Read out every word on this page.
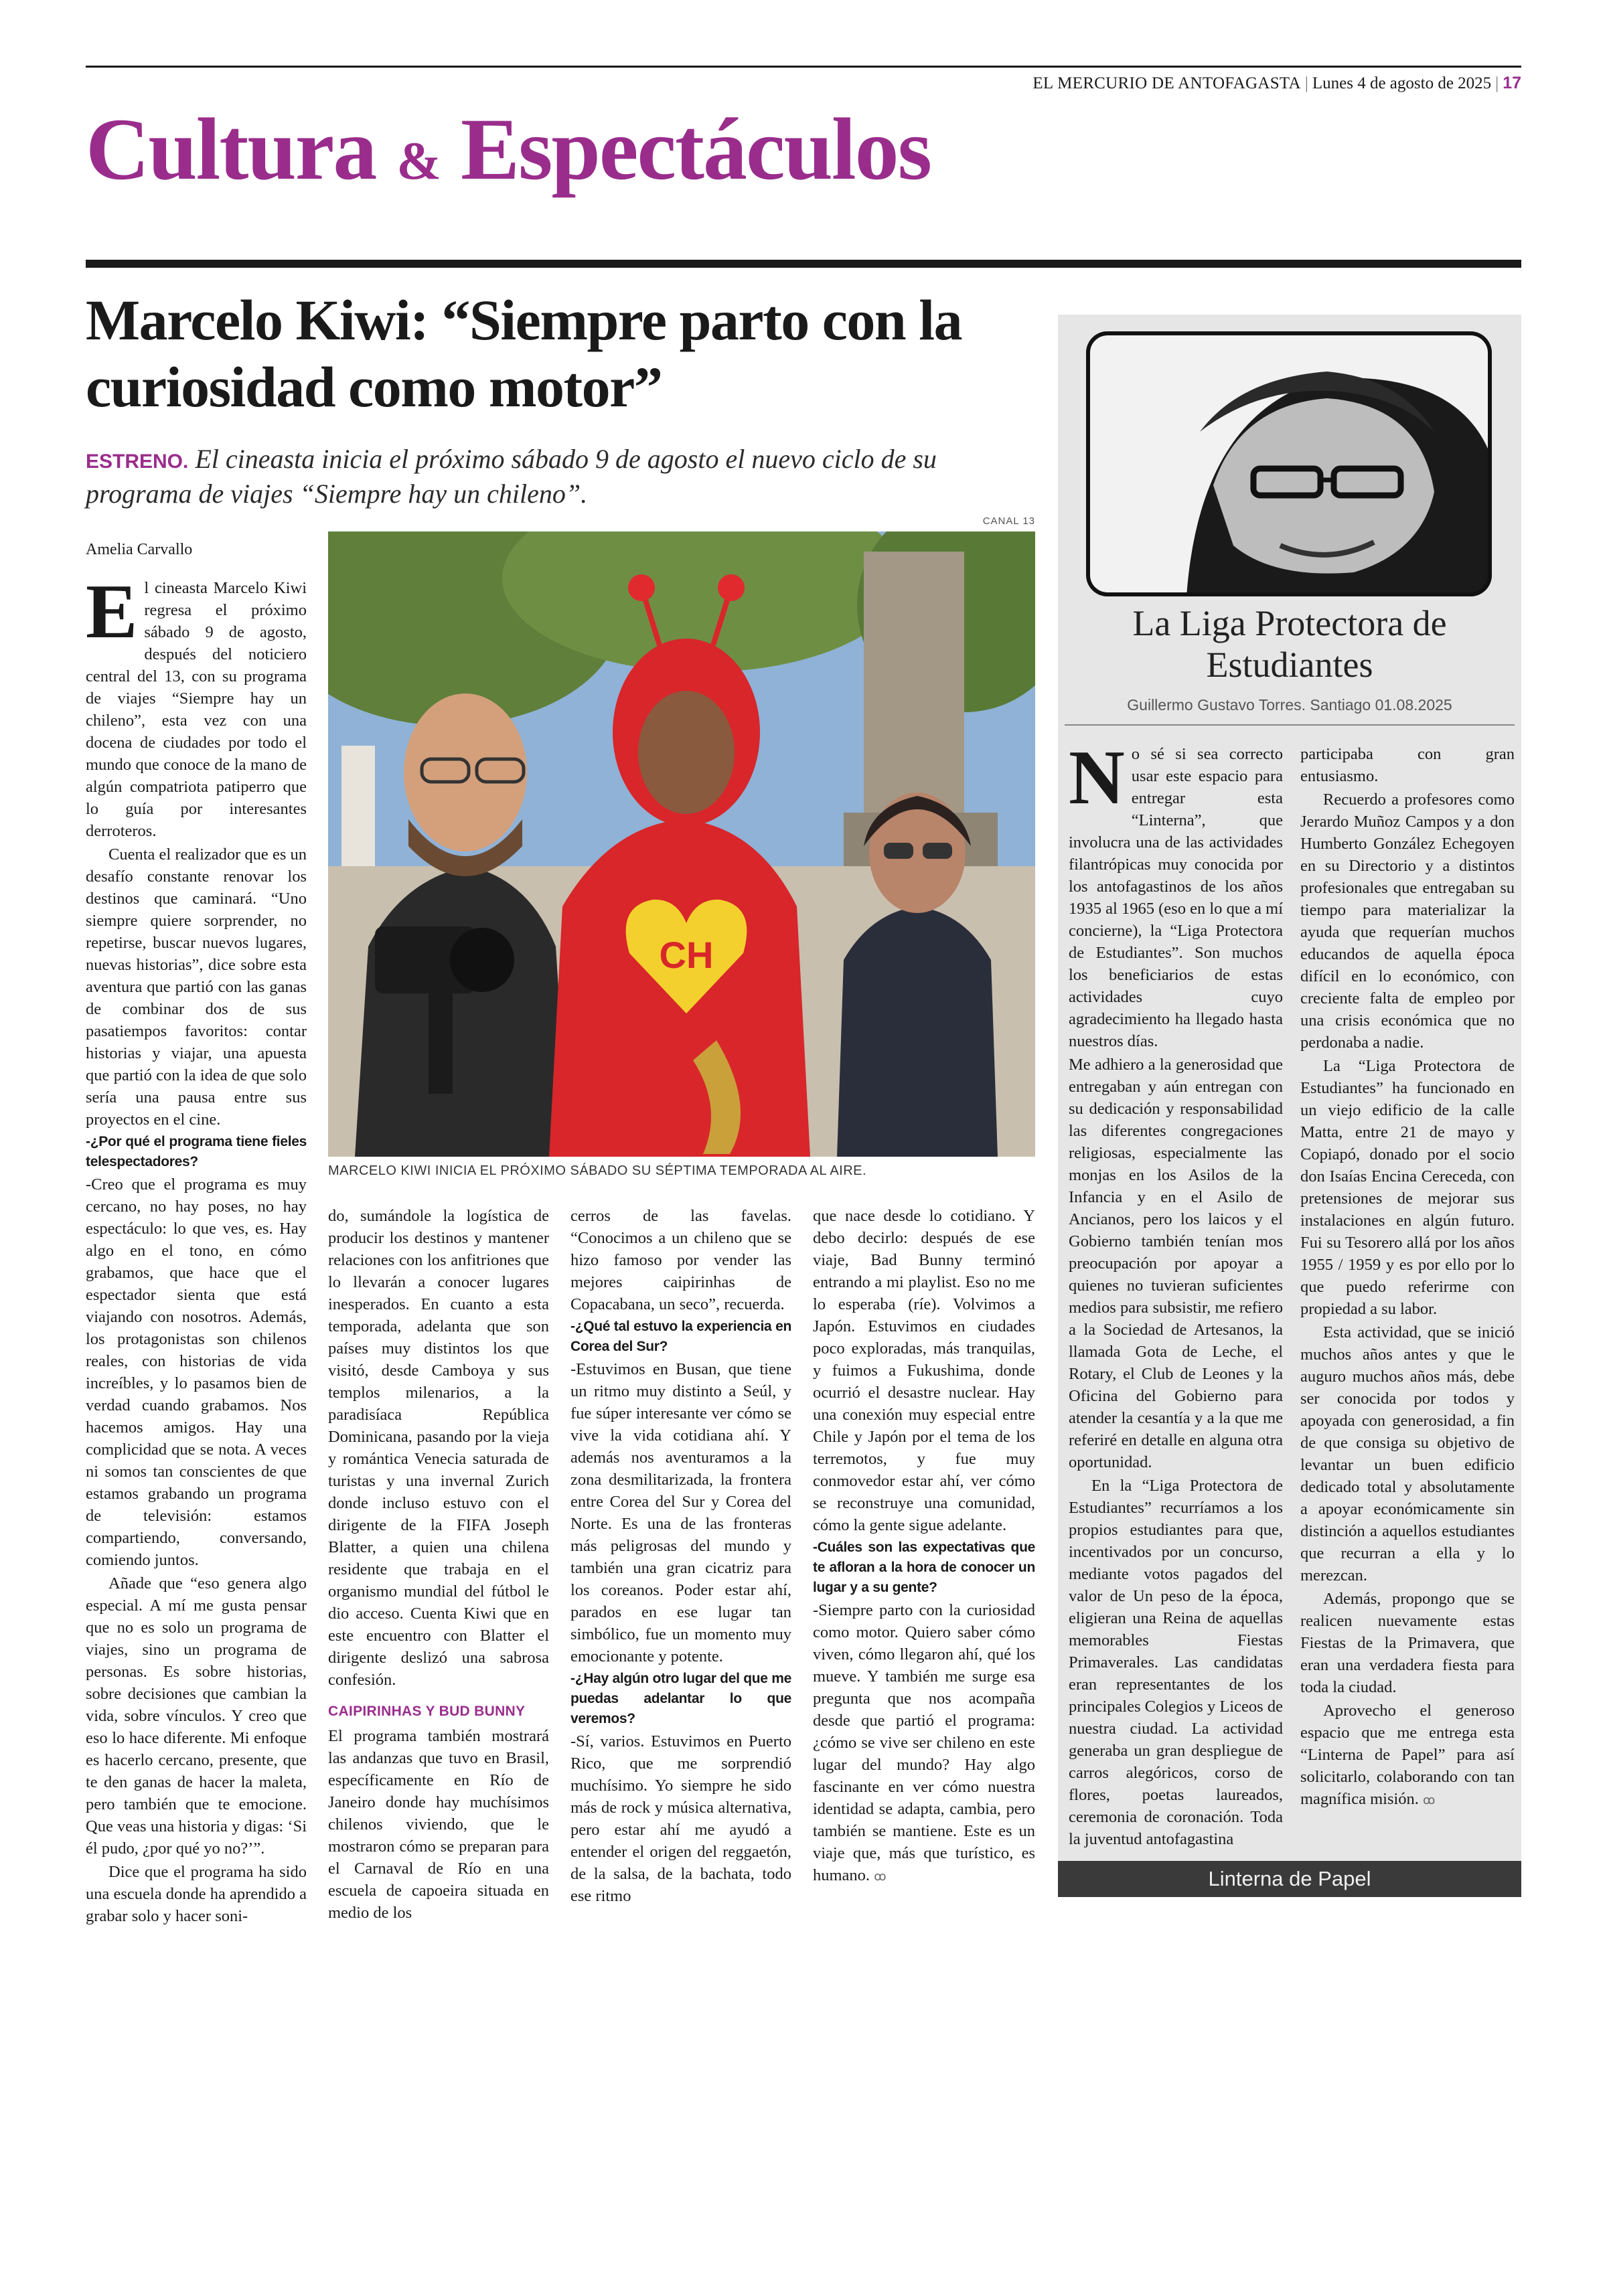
EL MERCURIO DE ANTOFAGASTA | Lunes 4 de agosto de 2025 | 17
Cultura & Espectáculos
Marcelo Kiwi: “Siempre parto con la curiosidad como motor”
ESTRENO. El cineasta inicia el próximo sábado 9 de agosto el nuevo ciclo de su programa de viajes “Siempre hay un chileno”.
Amelia Carvallo
CANAL 13
CH
MARCELO KIWI INICIA EL PRÓXIMO SÁBADO SU SÉPTIMA TEMPORADA AL AIRE.

El cineasta Marcelo Kiwi regresa el próximo sábado 9 de agosto, después del noticiero central del 13, con su programa de viajes “Siempre hay un chileno”, esta vez con una docena de ciudades por todo el mundo que conoce de la mano de algún compatriota patiperro que lo guía por interesantes derroteros.

Cuenta el realizador que es un desafío constante renovar los destinos que caminará. “Uno siempre quiere sorprender, no repetirse, buscar nuevos lugares, nuevas historias”, dice sobre esta aventura que partió con las ganas de combinar dos de sus pasatiempos favoritos: contar historias y viajar, una apuesta que partió con la idea de que solo sería una pausa entre sus proyectos en el cine.

-¿Por qué el programa tiene fieles telespectadores?

-Creo que el programa es muy cercano, no hay poses, no hay espectáculo: lo que ves, es. Hay algo en el tono, en cómo grabamos, que hace que el espectador sienta que está viajando con nosotros. Además, los protagonistas son chilenos reales, con historias de vida increíbles, y lo pasamos bien de verdad cuando grabamos. Nos hacemos amigos. Hay una complicidad que se nota. A veces ni somos tan conscientes de que estamos grabando un programa de televisión: estamos compartiendo, conversando, comiendo juntos.

Añade que “eso genera algo especial. A mí me gusta pensar que no es solo un programa de viajes, sino un programa de personas. Es sobre historias, sobre decisiones que cambian la vida, sobre vínculos. Y creo que eso lo hace diferente. Mi enfoque es hacerlo cercano, presente, que te den ganas de hacer la maleta, pero también que te emocione. Que veas una historia y digas: ‘Si él pudo, ¿por qué yo no?’”.

Dice que el programa ha sido una escuela donde ha aprendido a grabar solo y hacer soni-

do, sumándole la logística de producir los destinos y mantener relaciones con los anfitriones que lo llevarán a conocer lugares inesperados. En cuanto a esta temporada, adelanta que son países muy distintos los que visitó, desde Camboya y sus templos milenarios, a la paradisíaca República Dominicana, pasando por la vieja y romántica Venecia saturada de turistas y una invernal Zurich donde incluso estuvo con el dirigente de la FIFA Joseph Blatter, a quien una chilena residente que trabaja en el organismo mundial del fútbol le dio acceso. Cuenta Kiwi que en este encuentro con Blatter el dirigente deslizó una sabrosa confesión.

CAIPIRINHAS Y BUD BUNNY

El programa también mostrará las andanzas que tuvo en Brasil, específicamente en Río de Janeiro donde hay muchísimos chilenos viviendo, que le mostraron cómo se preparan para el Carnaval de Río en una escuela de capoeira situada en medio de los

cerros de las favelas. “Conocimos a un chileno que se hizo famoso por vender las mejores caipirinhas de Copacabana, un seco”, recuerda.

-¿Qué tal estuvo la experiencia en Corea del Sur?

-Estuvimos en Busan, que tiene un ritmo muy distinto a Seúl, y fue súper interesante ver cómo se vive la vida cotidiana ahí. Y además nos aventuramos a la zona desmilitarizada, la frontera entre Corea del Sur y Corea del Norte. Es una de las fronteras más peligrosas del mundo y también una gran cicatriz para los coreanos. Poder estar ahí, parados en ese lugar tan simbólico, fue un momento muy emocionante y potente.

-¿Hay algún otro lugar del que me puedas adelantar lo que veremos?

-Sí, varios. Estuvimos en Puerto Rico, que me sorprendió muchísimo. Yo siempre he sido más de rock y música alternativa, pero estar ahí me ayudó a entender el origen del reggaetón, de la salsa, de la bachata, todo ese ritmo

que nace desde lo cotidiano. Y debo decirlo: después de ese viaje, Bad Bunny terminó entrando a mi playlist. Eso no me lo esperaba (ríe). Volvimos a Japón. Estuvimos en ciudades poco exploradas, más tranquilas, y fuimos a Fukushima, donde ocurrió el desastre nuclear. Hay una conexión muy especial entre Chile y Japón por el tema de los terremotos, y fue muy conmovedor estar ahí, ver cómo se reconstruye una comunidad, cómo la gente sigue adelante.

-Cuáles son las expectativas que te afloran a la hora de conocer un lugar y a su gente?

-Siempre parto con la curiosidad como motor. Quiero saber cómo viven, cómo llegaron ahí, qué los mueve. Y también me surge esa pregunta que nos acompaña desde que partió el programa: ¿cómo se vive ser chileno en este lugar del mundo? Hay algo fascinante en ver cómo nuestra identidad se adapta, cambia, pero también se mantiene. Este es un viaje que, más que turístico, es humano. ꝏ

La Liga Protectora de Estudiantes
Guillermo Gustavo Torres. Santiago 01.08.2025

No sé si sea correcto usar este espacio para entregar esta “Linterna”, que involucra una de las actividades filantrópicas muy conocida por los antofagastinos de los años 1935 al 1965 (eso en lo que a mí concierne), la “Liga Protectora de Estudiantes”. Son muchos los beneficiarios de estas actividades cuyo agradecimiento ha llegado hasta nuestros días.

Me adhiero a la generosidad que entregaban y aún entregan con su dedicación y responsabilidad las diferentes congregaciones religiosas, especialmente las monjas en los Asilos de la Infancia y en el Asilo de Ancianos, pero los laicos y el Gobierno también tenían mos preocupación por apoyar a quienes no tuvieran suficientes medios para subsistir, me refiero a la Sociedad de Artesanos, la llamada Gota de Leche, el Rotary, el Club de Leones y la Oficina del Gobierno para atender la cesantía y a la que me referiré en detalle en alguna otra oportunidad.

En la “Liga Protectora de Estudiantes” recurríamos a los propios estudiantes para que, incentivados por un concurso, mediante votos pagados del valor de Un peso de la época, eligieran una Reina de aquellas memorables Fiestas Primaverales. Las candidatas eran representantes de los principales Colegios y Liceos de nuestra ciudad. La actividad generaba un gran despliegue de carros alegóricos, corso de flores, poetas laureados, ceremonia de coronación. Toda la juventud antofagastina

participaba con gran entusiasmo.

Recuerdo a profesores como Jerardo Muñoz Campos y a don Humberto González Echegoyen en su Directorio y a distintos profesionales que entregaban su tiempo para materializar la ayuda que requerían muchos educandos de aquella época difícil en lo económico, con creciente falta de empleo por una crisis económica que no perdonaba a nadie.

La “Liga Protectora de Estudiantes” ha funcionado en un viejo edificio de la calle Matta, entre 21 de mayo y Copiapó, donado por el socio don Isaías Encina Cereceda, con pretensiones de mejorar sus instalaciones en algún futuro. Fui su Tesorero allá por los años 1955 / 1959 y es por ello por lo que puedo referirme con propiedad a su labor.

Esta actividad, que se inició muchos años antes y que le auguro muchos años más, debe ser conocida por todos y apoyada con generosidad, a fin de que consiga su objetivo de levantar un buen edificio dedicado total y absolutamente a apoyar económicamente sin distinción a aquellos estudiantes que recurran a ella y lo merezcan.

Además, propongo que se realicen nuevamente estas Fiestas de la Primavera, que eran una verdadera fiesta para toda la ciudad.

Aprovecho el generoso espacio que me entrega esta “Linterna de Papel” para así solicitarlo, colaborando con tan magnífica misión. ꝏ

Linterna de Papel
